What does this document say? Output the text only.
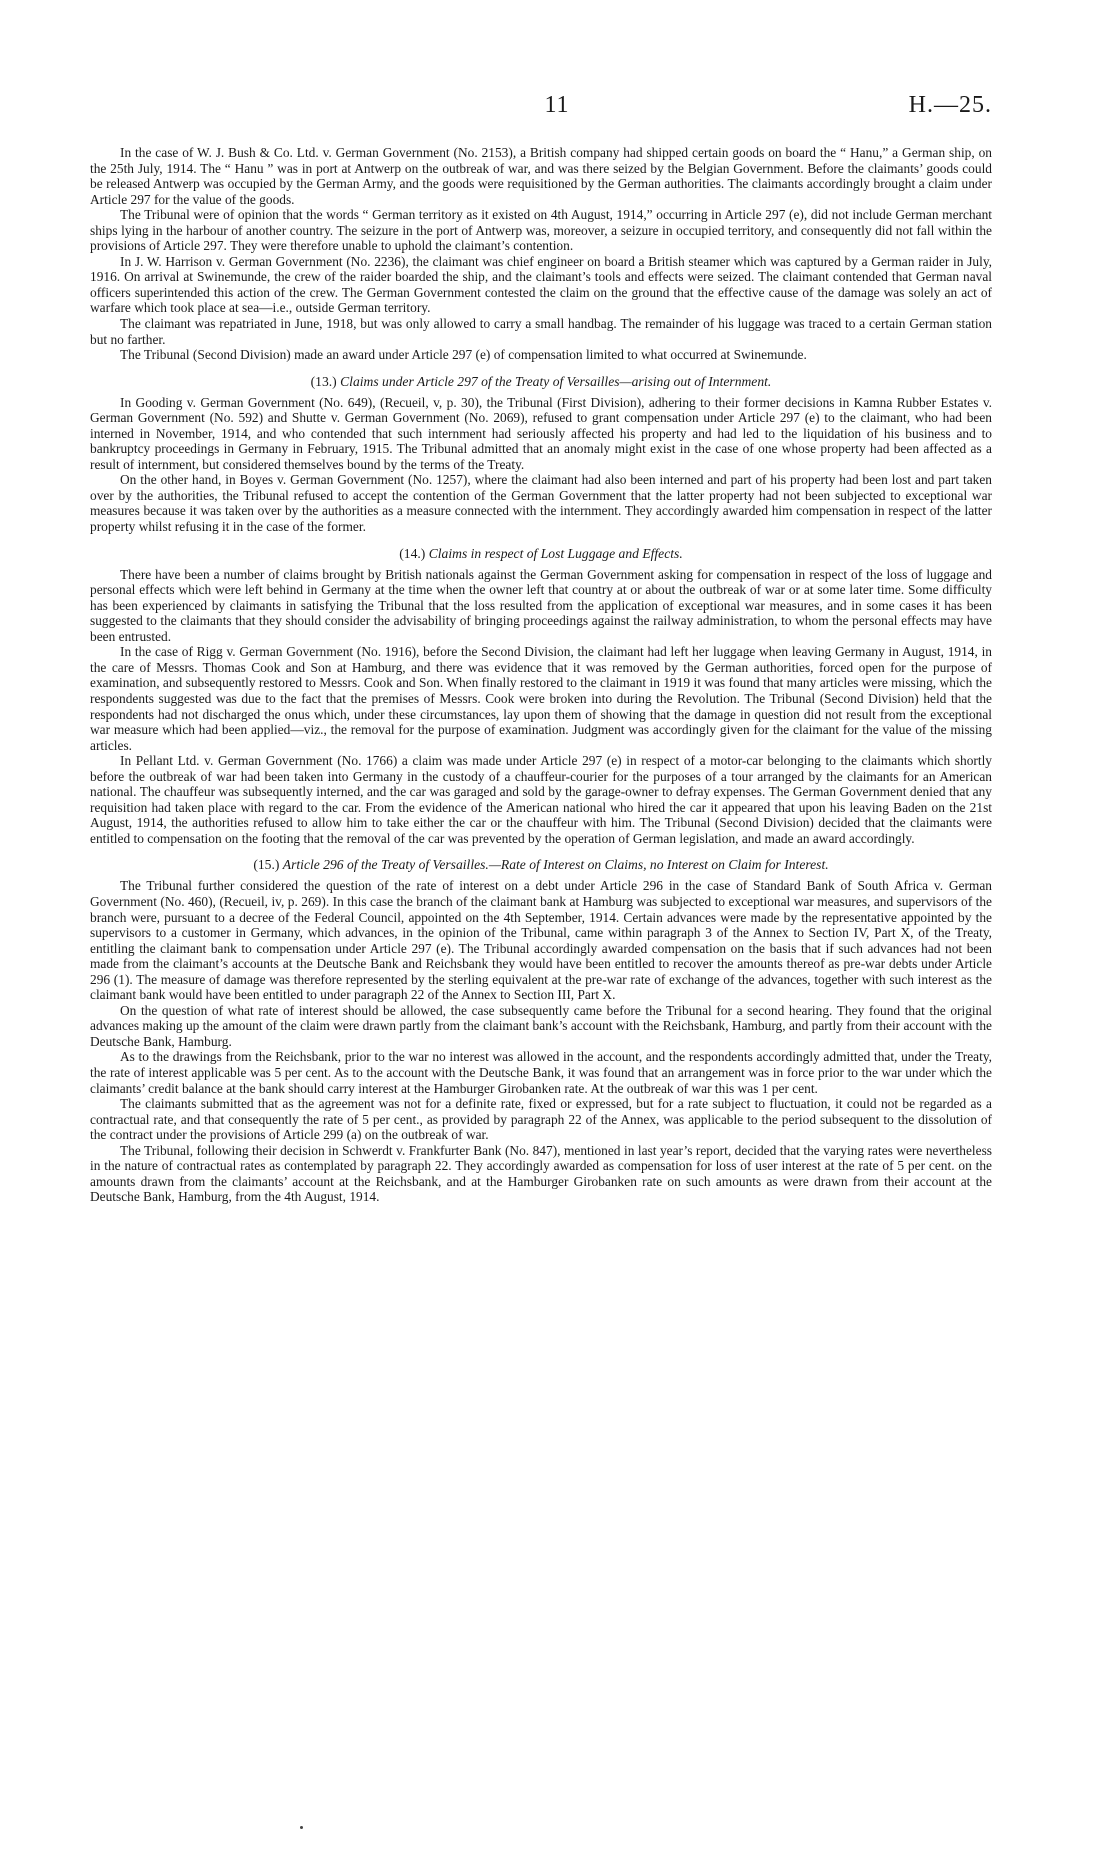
11	H.—25.

In the case of W. J. Bush & Co. Ltd. v. German Government (No. 2153), a British company had shipped certain goods on board the “ Hanu,” a German ship, on the 25th July, 1914. The “ Hanu ” was in port at Antwerp on the outbreak of war, and was there seized by the Belgian Government. Before the claimants’ goods could be released Antwerp was occupied by the German Army, and the goods were requisitioned by the German authorities. The claimants accordingly brought a claim under Article 297 for the value of the goods.

The Tribunal were of opinion that the words “ German territory as it existed on 4th August, 1914,” occurring in Article 297 (e), did not include German merchant ships lying in the harbour of another country. The seizure in the port of Antwerp was, moreover, a seizure in occupied territory, and consequently did not fall within the provisions of Article 297. They were therefore unable to uphold the claimant’s contention.

In J. W. Harrison v. German Government (No. 2236), the claimant was chief engineer on board a British steamer which was captured by a German raider in July, 1916. On arrival at Swinemunde, the crew of the raider boarded the ship, and the claimant’s tools and effects were seized. The claimant contended that German naval officers superintended this action of the crew. The German Government contested the claim on the ground that the effective cause of the damage was solely an act of warfare which took place at sea—i.e., outside German territory.

The claimant was repatriated in June, 1918, but was only allowed to carry a small handbag. The remainder of his luggage was traced to a certain German station but no farther.

The Tribunal (Second Division) made an award under Article 297 (e) of compensation limited to what occurred at Swinemunde.

(13.) Claims under Article 297 of the Treaty of Versailles—arising out of Internment.

In Gooding v. German Government (No. 649), (Recueil, v, p. 30), the Tribunal (First Division), adhering to their former decisions in Kamna Rubber Estates v. German Government (No. 592) and Shutte v. German Government (No. 2069), refused to grant compensation under Article 297 (e) to the claimant, who had been interned in November, 1914, and who contended that such internment had seriously affected his property and had led to the liquidation of his business and to bankruptcy proceedings in Germany in February, 1915. The Tribunal admitted that an anomaly might exist in the case of one whose property had been affected as a result of internment, but considered themselves bound by the terms of the Treaty.

On the other hand, in Boyes v. German Government (No. 1257), where the claimant had also been interned and part of his property had been lost and part taken over by the authorities, the Tribunal refused to accept the contention of the German Government that the latter property had not been subjected to exceptional war measures because it was taken over by the authorities as a measure connected with the internment. They accordingly awarded him compensation in respect of the latter property whilst refusing it in the case of the former.

(14.) Claims in respect of Lost Luggage and Effects.

There have been a number of claims brought by British nationals against the German Government asking for compensation in respect of the loss of luggage and personal effects which were left behind in Germany at the time when the owner left that country at or about the outbreak of war or at some later time. Some difficulty has been experienced by claimants in satisfying the Tribunal that the loss resulted from the application of exceptional war measures, and in some cases it has been suggested to the claimants that they should consider the advisability of bringing proceedings against the railway administration, to whom the personal effects may have been entrusted.

In the case of Rigg v. German Government (No. 1916), before the Second Division, the claimant had left her luggage when leaving Germany in August, 1914, in the care of Messrs. Thomas Cook and Son at Hamburg, and there was evidence that it was removed by the German authorities, forced open for the purpose of examination, and subsequently restored to Messrs. Cook and Son. When finally restored to the claimant in 1919 it was found that many articles were missing, which the respondents suggested was due to the fact that the premises of Messrs. Cook were broken into during the Revolution. The Tribunal (Second Division) held that the respondents had not discharged the onus which, under these circumstances, lay upon them of showing that the damage in question did not result from the exceptional war measure which had been applied—viz., the removal for the purpose of examination. Judgment was accordingly given for the claimant for the value of the missing articles.

In Pellant Ltd. v. German Government (No. 1766) a claim was made under Article 297 (e) in respect of a motor-car belonging to the claimants which shortly before the outbreak of war had been taken into Germany in the custody of a chauffeur-courier for the purposes of a tour arranged by the claimants for an American national. The chauffeur was subsequently interned, and the car was garaged and sold by the garage-owner to defray expenses. The German Government denied that any requisition had taken place with regard to the car. From the evidence of the American national who hired the car it appeared that upon his leaving Baden on the 21st August, 1914, the authorities refused to allow him to take either the car or the chauffeur with him. The Tribunal (Second Division) decided that the claimants were entitled to compensation on the footing that the removal of the car was prevented by the operation of German legislation, and made an award accordingly.

(15.) Article 296 of the Treaty of Versailles.—Rate of Interest on Claims, no Interest on Claim for Interest.

The Tribunal further considered the question of the rate of interest on a debt under Article 296 in the case of Standard Bank of South Africa v. German Government (No. 460), (Recueil, iv, p. 269). In this case the branch of the claimant bank at Hamburg was subjected to exceptional war measures, and supervisors of the branch were, pursuant to a decree of the Federal Council, appointed on the 4th September, 1914. Certain advances were made by the representative appointed by the supervisors to a customer in Germany, which advances, in the opinion of the Tribunal, came within paragraph 3 of the Annex to Section IV, Part X, of the Treaty, entitling the claimant bank to compensation under Article 297 (e). The Tribunal accordingly awarded compensation on the basis that if such advances had not been made from the claimant’s accounts at the Deutsche Bank and Reichsbank they would have been entitled to recover the amounts thereof as pre-war debts under Article 296 (1). The measure of damage was therefore represented by the sterling equivalent at the pre-war rate of exchange of the advances, together with such interest as the claimant bank would have been entitled to under paragraph 22 of the Annex to Section III, Part X.

On the question of what rate of interest should be allowed, the case subsequently came before the Tribunal for a second hearing. They found that the original advances making up the amount of the claim were drawn partly from the claimant bank’s account with the Reichsbank, Hamburg, and partly from their account with the Deutsche Bank, Hamburg.

As to the drawings from the Reichsbank, prior to the war no interest was allowed in the account, and the respondents accordingly admitted that, under the Treaty, the rate of interest applicable was 5 per cent. As to the account with the Deutsche Bank, it was found that an arrangement was in force prior to the war under which the claimants’ credit balance at the bank should carry interest at the Hamburger Girobanken rate. At the outbreak of war this was 1 per cent.

The claimants submitted that as the agreement was not for a definite rate, fixed or expressed, but for a rate subject to fluctuation, it could not be regarded as a contractual rate, and that consequently the rate of 5 per cent., as provided by paragraph 22 of the Annex, was applicable to the period subsequent to the dissolution of the contract under the provisions of Article 299 (a) on the outbreak of war.

The Tribunal, following their decision in Schwerdt v. Frankfurter Bank (No. 847), mentioned in last year’s report, decided that the varying rates were nevertheless in the nature of contractual rates as contemplated by paragraph 22. They accordingly awarded as compensation for loss of user interest at the rate of 5 per cent. on the amounts drawn from the claimants’ account at the Reichsbank, and at the Hamburger Girobanken rate on such amounts as were drawn from their account at the Deutsche Bank, Hamburg, from the 4th August, 1914.
